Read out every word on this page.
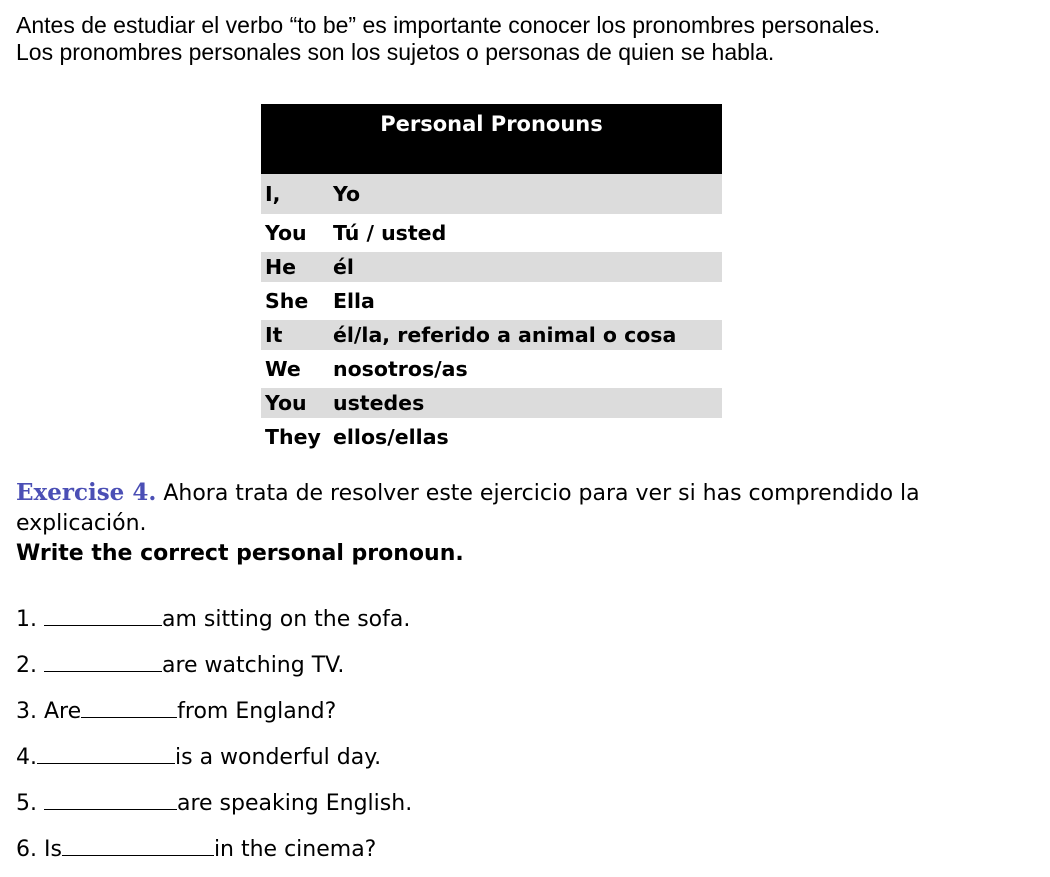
Antes de estudiar el verbo “to be” es importante conocer los pronombres personales.

Los pronombres personales son los sujetos o personas de quien se habla.

Personal Pronouns	
I,	Yo
You	Tú / usted
He	él
She	Ella
It	él/la, referido a animal o cosa
We	nosotros/as
You	ustedes
They	ellos/ellas
Exercise 4. Ahora trata de resolver este ejercicio para ver si has comprendido la explicación.
Write the correct personal pronoun.
1.	am sitting on the sofa.
2.	are watching TV.
3. Are	from England?
4.	is a wonderful day.
5.	are speaking English.
6. Is	in the cinema?
